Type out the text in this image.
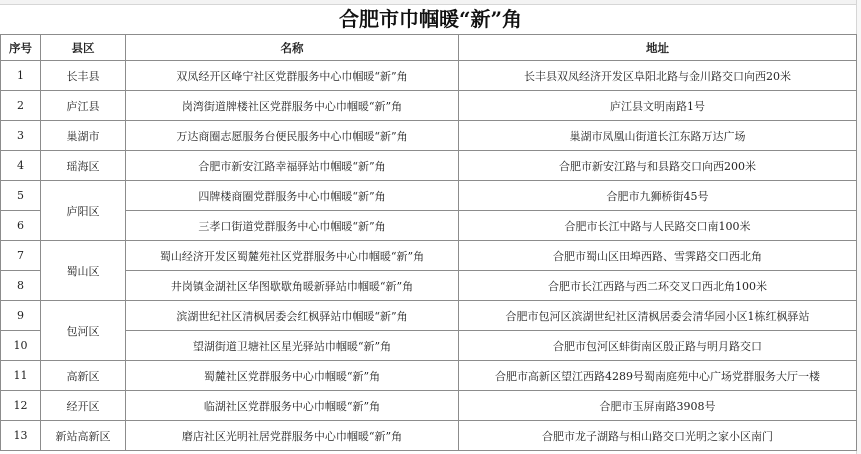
合肥市巾帼暖“新”角
序号	县区	名称	地址
1	长丰县	双凤经开区峰宁社区党群服务中心巾帼暖“新”角	长丰县双凤经济开发区阜阳北路与金川路交口向西20米
2	庐江县	岗湾街道牌楼社区党群服务中心巾帼暖“新”角	庐江县文明南路1号
3	巢湖市	万达商圈志愿服务台便民服务中心巾帼暖“新”角	巢湖市凤凰山街道长江东路万达广场
4	瑶海区	合肥市新安江路幸福驿站巾帼暖“新”角	合肥市新安江路与和县路交口向西200米
5	庐阳区	四牌楼商圈党群服务中心巾帼暖“新”角	合肥市九狮桥街45号
6		三孝口街道党群服务中心巾帼暖“新”角	合肥市长江中路与人民路交口南100米
7	蜀山区	蜀山经济开发区蜀麓苑社区党群服务中心巾帼暖“新”角	合肥市蜀山区田埠西路、雪霁路交口西北角
8		井岗镇金湖社区华图歇歇角暖新驿站巾帼暖“新”角	合肥市长江西路与西二环交叉口西北角100米
9	包河区	滨湖世纪社区清枫居委会红枫驿站巾帼暖“新”角	合肥市包河区滨湖世纪社区清枫居委会清华园小区1栋红枫驿站
10		望湖街道卫塘社区星光驿站巾帼暖“新”角	合肥市包河区蚌街南区殷正路与明月路交口
11	高新区	蜀麓社区党群服务中心巾帼暖“新”角	合肥市高新区望江西路4289号蜀南庭苑中心广场党群服务大厅一楼
12	经开区	临湖社区党群服务中心巾帼暖“新”角	合肥市玉屏南路3908号
13	新站高新区	磨店社区光明社居党群服务中心巾帼暖“新”角	合肥市龙子湖路与相山路交口光明之家小区南门
